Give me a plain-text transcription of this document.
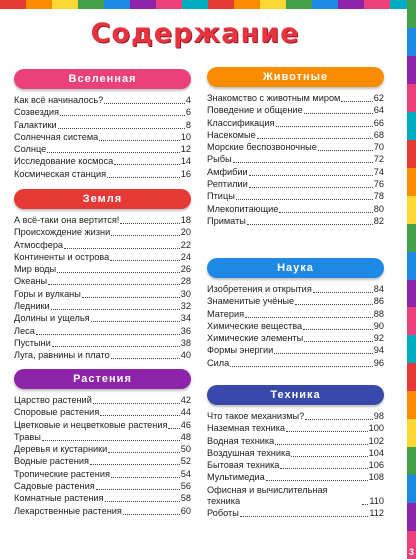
3
Содержание
Вселенная
Как всё начиналось?	4
Созвездия	6
Галактики	8
Солнечная система	10
Солнце	12
Исследование космоса	14
Космическая станция	16
Земля
А всё-таки она вертится!	18
Происхождение жизни	20
Атмосфера	22
Континенты и острова	24
Мир воды	26
Океаны	28
Горы и вулканы	30
Ледники	32
Долины и ущелья	34
Леса	36
Пустыни	38
Луга, равнины и плато	40
Растения
Царство растений	42
Споровые растения	44
Цветковые и нецветковые растения 46
Травы	48
Деревья и кустарники	50
Водные растения	52
Тропические растения	54
Садовые растения	56
Комнатные растения	58
Лекарственные растения	60
Животные
Знакомство с животным миром	62
Поведение и общение	64
Классификация	66
Насекомые	68
Морские беспозвоночные	70
Рыбы	72
Амфибии	74
Рептилии	76
Птицы	78
Млекопитающие	80
Приматы	82
Наука
Изобретения и открытия	84
Знаменитые учёные	86
Материя	88
Химические вещества	90
Химические элементы	92
Формы энергии	94
Сила	96
Техника
Что такое механизмы?	98
Наземная техника	100
Водная техника	102
Воздушная техника	104
Бытовая техника	106
Мультимедиа	108
Офисная и вычислительная техника	110
Роботы	112
